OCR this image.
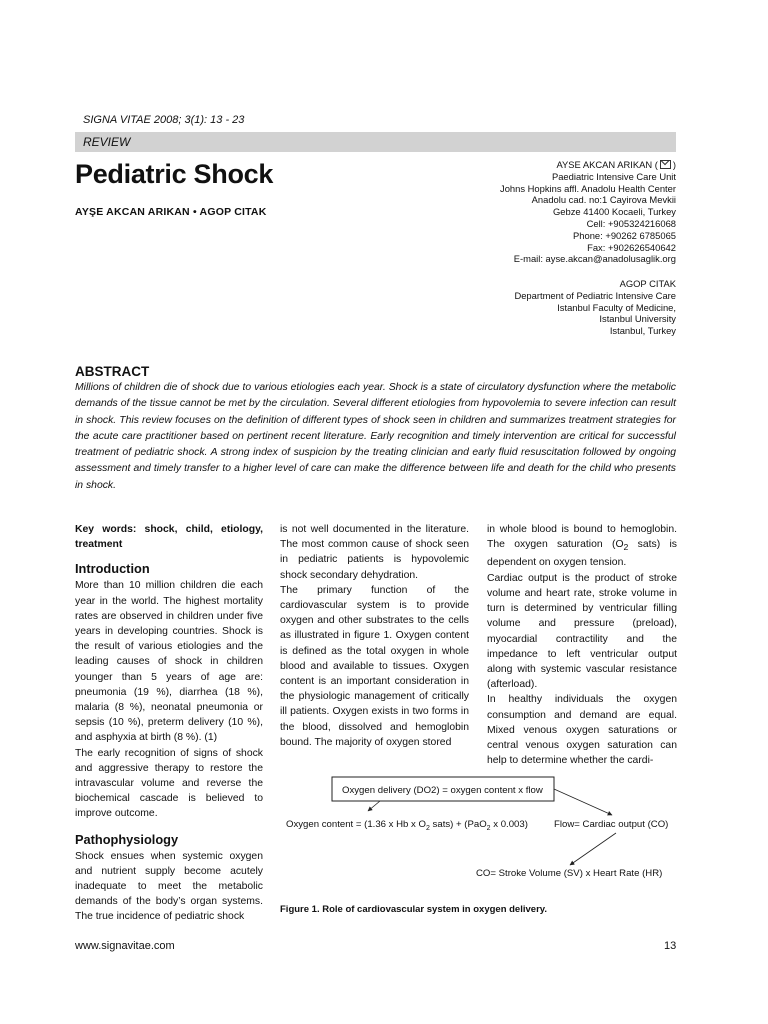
SIGNA VITAE 2008; 3(1): 13 - 23
REVIEW
Pediatric Shock
AYŞE AKCAN ARIKAN • AGOP CITAK
AYSE AKCAN ARIKAN ( )
Paediatric Intensive Care Unit
Johns Hopkins affl. Anadolu Health Center
Anadolu cad. no:1 Cayirova Mevkii
Gebze 41400 Kocaeli, Turkey
Cell: +905324216068
Phone: +90262 6785065
Fax: +902626540642
E-mail: ayse.akcan@anadolusaglik.org
AGOP CITAK
Department of Pediatric Intensive Care
Istanbul Faculty of Medicine,
Istanbul University
Istanbul, Turkey
ABSTRACT
Millions of children die of shock due to various etiologies each year. Shock is a state of circulatory dysfunction where the metabolic demands of the tissue cannot be met by the circulation. Several different etiologies from hypovolemia to severe infection can result in shock. This review focuses on the definition of different types of shock seen in children and summarizes treatment strategies for the acute care practitioner based on pertinent recent literature. Early recognition and timely intervention are critical for successful treatment of pediatric shock. A strong index of suspicion by the treating clinician and early fluid resuscitation followed by ongoing assessment and timely transfer to a higher level of care can make the difference between life and death for the child who presents in shock.
Key words: shock, child, etiology, treatment
Introduction

More than 10 million children die each year in the world. The highest mortality rates are observed in children under five years in developing countries. Shock is the result of various etiologies and the leading causes of shock in children younger than 5 years of age are: pneumonia (19 %), diarrhea (18 %), malaria (8 %), neonatal pneumonia or sepsis (10 %), preterm delivery (10 %), and asphyxia at birth (8 %). (1)

The early recognition of signs of shock and aggressive therapy to restore the intravascular volume and reverse the biochemical cascade is believed to improve outcome.

Pathophysiology

Shock ensues when systemic oxygen and nutrient supply become acutely inadequate to meet the metabolic demands of the body’s organ systems. The true incidence of pediatric shock

is not well documented in the literature. The most common cause of shock seen in pediatric patients is hypovolemic shock secondary dehydration.

The primary function of the cardiovascular system is to provide oxygen and other substrates to the cells as illustrated in figure 1. Oxygen content is defined as the total oxygen in whole blood and available to tissues. Oxygen content is an important consideration in the physiologic management of critically ill patients. Oxygen exists in two forms in the blood, dissolved and hemoglobin bound. The majority of oxygen stored

in whole blood is bound to hemoglobin. The oxygen saturation ($O_2$ sats) is dependent on oxygen tension.

Cardiac output is the product of stroke volume and heart rate, stroke volume in turn is determined by ventricular filling volume and pressure (preload), myocardial contractility and the impedance to left ventricular output along with systemic vascular resistance (afterload).

In healthy individuals the oxygen consumption and demand are equal. Mixed venous oxygen saturations or central venous oxygen saturation can help to determine whether the cardi-

Oxygen delivery (DO2) = oxygen content x flow
Oxygen content = (1.36 x Hb x $O_2$ sats) + (PaO$_2$ x 0.003)	Flow= Cardiac output (CO)
CO= Stroke Volume (SV) x Heart Rate (HR)
Figure 1. Role of cardiovascular system in oxygen delivery.
www.signavitae.com	13
